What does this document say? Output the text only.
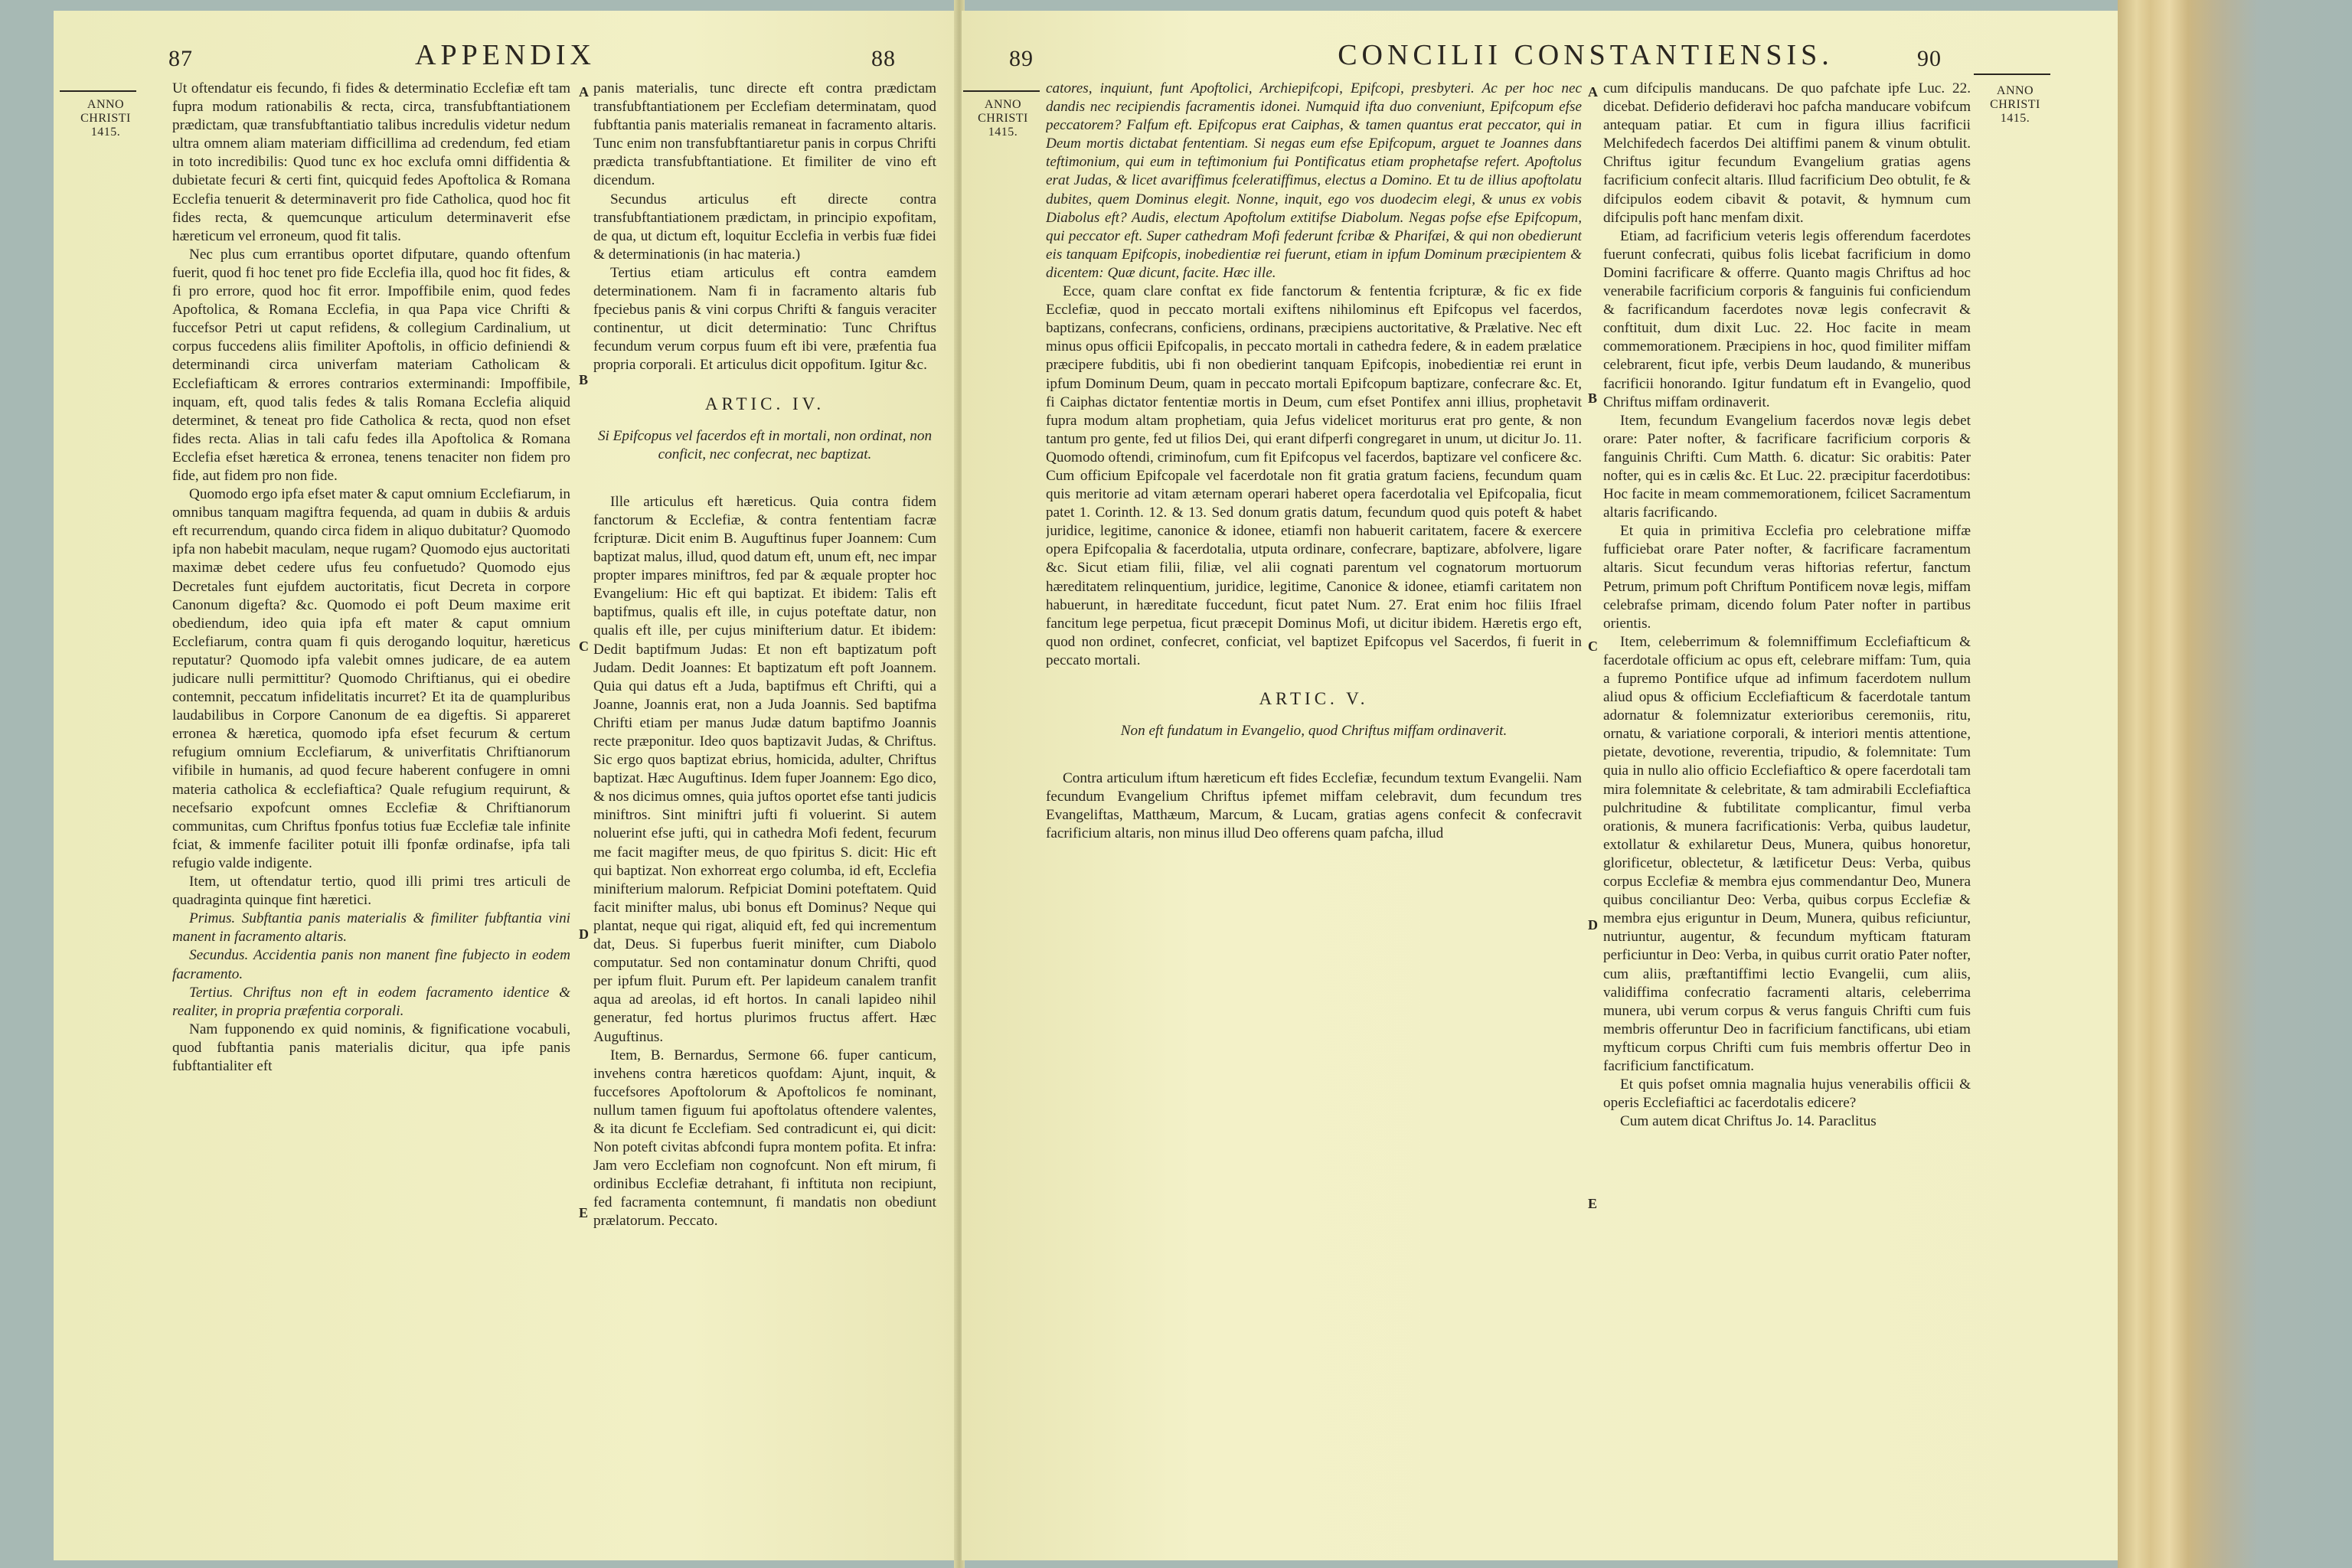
87	APPENDIX	88
ANNO
CHRISTI
1415.

Ut oftendatur eis fecundo, fi fides & determinatio Ecclefiæ eft tam fupra modum rationabilis & recta, circa, transfubftantiationem prædictam, quæ transfubftantiatio talibus incredulis videtur nedum ultra omnem aliam materiam difficillima ad credendum, fed etiam in toto incredibilis: Quod tunc ex hoc exclufa omni diffidentia & dubietate fecuri & certi fint, quicquid fedes Apoftolica & Romana Ecclefia tenuerit & determinaverit pro fide Catholica, quod hoc fit fides recta, & quemcunque articulum determinaverit efse hæreticum vel erroneum, quod fit talis.

Nec plus cum errantibus oportet difputare, quando oftenfum fuerit, quod fi hoc tenet pro fide Ecclefia illa, quod hoc fit fides, & fi pro errore, quod hoc fit error. Impoffibile enim, quod fedes Apoftolica, & Romana Ecclefia, in qua Papa vice Chrifti & fuccefsor Petri ut caput refidens, & collegium Cardinalium, ut corpus fuccedens aliis fimiliter Apoftolis, in officio definiendi & determinandi circa univerfam materiam Catholicam & Ecclefiafticam & errores contrarios exterminandi: Impoffibile, inquam, eft, quod talis fedes & talis Romana Ecclefia aliquid determinet, & teneat pro fide Catholica & recta, quod non efset fides recta. Alias in tali cafu fedes illa Apoftolica & Romana Ecclefia efset hæretica & erronea, tenens tenaciter non fidem pro fide, aut fidem pro non fide.

Quomodo ergo ipfa efset mater & caput omnium Ecclefiarum, in omnibus tanquam magiftra fequenda, ad quam in dubiis & arduis eft recurrendum, quando circa fidem in aliquo dubitatur? Quomodo ipfa non habebit maculam, neque rugam? Quomodo ejus auctoritati maximæ debet cedere ufus feu confuetudo? Quomodo ejus Decretales funt ejufdem auctoritatis, ficut Decreta in corpore Canonum digefta? &c. Quomodo ei poft Deum maxime erit obediendum, ideo quia ipfa eft mater & caput omnium Ecclefiarum, contra quam fi quis derogando loquitur, hæreticus reputatur? Quomodo ipfa valebit omnes judicare, de ea autem judicare nulli permittitur? Quomodo Chriftianus, qui ei obedire contemnit, peccatum infidelitatis incurret? Et ita de quampluribus laudabilibus in Corpore Canonum de ea digeftis. Si appareret erronea & hæretica, quomodo ipfa efset fecurum & certum refugium omnium Ecclefiarum, & univerfitatis Chriftianorum vifibile in humanis, ad quod fecure haberent confugere in omni materia catholica & ecclefiaftica? Quale refugium requirunt, & necefsario expofcunt omnes Ecclefiæ & Chriftianorum communitas, cum Chriftus fponfus totius fuæ Ecclefiæ tale infinite fciat, & immenfe faciliter potuit illi fponfæ ordinafse, ipfa tali refugio valde indigente.

Item, ut oftendatur tertio, quod illi primi tres articuli de quadraginta quinque fint hæretici.

Primus. Subftantia panis materialis & fimiliter fubftantia vini manent in facramento altaris.

Secundus. Accidentia panis non manent fine fubjecto in eodem facramento.

Tertius. Chriftus non eft in eodem facramento identice & realiter, in propria præfentia corporali.

Nam fupponendo ex quid nominis, & fignificatione vocabuli, quod fubftantia panis materialis dicitur, qua ipfe panis fubftantialiter eft

panis materialis, tunc directe eft contra prædictam transfubftantiationem per Ecclefiam determinatam, quod fubftantia panis materialis remaneat in facramento altaris. Tunc enim non transfubftantiaretur panis in corpus Chrifti prædicta transfubftantiatione. Et fimiliter de vino eft dicendum.

Secundus articulus eft directe contra transfubftantiationem prædictam, in principio expofitam, de qua, ut dictum eft, loquitur Ecclefia in verbis fuæ fidei & determinationis (in hac materia.)

Tertius etiam articulus eft contra eamdem determinationem. Nam fi in facramento altaris fub fpeciebus panis & vini corpus Chrifti & fanguis veraciter continentur, ut dicit determinatio: Tunc Chriftus fecundum verum corpus fuum eft ibi vere, præfentia fua propria corporali. Et articulus dicit oppofitum. Igitur &c.

ARTIC. IV.

Si Epifcopus vel facerdos eft in mortali, non ordinat, non conficit, nec confecrat, nec baptizat.

Ille articulus eft hæreticus. Quia contra fidem fanctorum & Ecclefiæ, & contra fententiam facræ fcripturæ. Dicit enim B. Auguftinus fuper Joannem: Cum baptizat malus, illud, quod datum eft, unum eft, nec impar propter impares miniftros, fed par & æquale propter hoc Evangelium: Hic eft qui baptizat. Et ibidem: Talis eft baptifmus, qualis eft ille, in cujus poteftate datur, non qualis eft ille, per cujus minifterium datur. Et ibidem: Dedit baptifmum Judas: Et non eft baptizatum poft Judam. Dedit Joannes: Et baptizatum eft poft Joannem. Quia qui datus eft a Juda, baptifmus eft Chrifti, qui a Joanne, Joannis erat, non a Juda Joannis. Sed baptifma Chrifti etiam per manus Judæ datum baptifmo Joannis recte præponitur. Ideo quos baptizavit Judas, & Chriftus. Sic ergo quos baptizat ebrius, homicida, adulter, Chriftus baptizat. Hæc Auguftinus. Idem fuper Joannem: Ego dico, & nos dicimus omnes, quia juftos oportet efse tanti judicis miniftros. Sint miniftri jufti fi voluerint. Si autem noluerint efse jufti, qui in cathedra Mofi fedent, fecurum me facit magifter meus, de quo fpiritus S. dicit: Hic eft qui baptizat. Non exhorreat ergo columba, id eft, Ecclefia minifterium malorum. Refpiciat Domini poteftatem. Quid facit minifter malus, ubi bonus eft Dominus? Neque qui plantat, neque qui rigat, aliquid eft, fed qui incrementum dat, Deus. Si fuperbus fuerit minifter, cum Diabolo computatur. Sed non contaminatur donum Chrifti, quod per ipfum fluit. Purum eft. Per lapideum canalem tranfit aqua ad areolas, id eft hortos. In canali lapideo nihil generatur, fed hortus plurimos fructus affert. Hæc Auguftinus.

Item, B. Bernardus, Sermone 66. fuper canticum, invehens contra hæreticos quofdam: Ajunt, inquit, & fuccefsores Apoftolorum & Apoftolicos fe nominant, nullum tamen figuum fui apoftolatus oftendere valentes, & ita dicunt fe Ecclefiam. Sed contradicunt ei, qui dicit: Non poteft civitas abfcondi fupra montem pofita. Et infra: Jam vero Ecclefiam non cognofcunt. Non eft mirum, fi ordinibus Ecclefiæ detrahant, fi inftituta non recipiunt, fed facramenta contemnunt, fi mandatis non obediunt prælatorum. Peccato.

A
B
C
D
E
89	CONCILII CONSTANTIENSIS.	90
ANNO
CHRISTI
1415.
ANNO
CHRISTI
1415.

catores, inquiunt, funt Apoftolici, Archiepifcopi, Epifcopi, presbyteri. Ac per hoc nec dandis nec recipiendis facramentis idonei. Numquid ifta duo conveniunt, Epifcopum efse peccatorem? Falfum eft. Epifcopus erat Caiphas, & tamen quantus erat peccator, qui in Deum mortis dictabat fententiam. Si negas eum efse Epifcopum, arguet te Joannes dans teftimonium, qui eum in teftimonium fui Pontificatus etiam prophetafse refert. Apoftolus erat Judas, & licet avariffimus fceleratiffimus, electus a Domino. Et tu de illius apoftolatu dubites, quem Dominus elegit. Nonne, inquit, ego vos duodecim elegi, & unus ex vobis Diabolus eft? Audis, electum Apoftolum extitifse Diabolum. Negas pofse efse Epifcopum, qui peccator eft. Super cathedram Mofi federunt fcribæ & Pharifæi, & qui non obedierunt eis tanquam Epifcopis, inobedientiæ rei fuerunt, etiam in ipfum Dominum præcipientem & dicentem: Quæ dicunt, facite. Hæc ille.

Ecce, quam clare conftat ex fide fanctorum & fententia fcripturæ, & fic ex fide Ecclefiæ, quod in peccato mortali exiftens nihilominus eft Epifcopus vel facerdos, baptizans, confecrans, conficiens, ordinans, præcipiens auctoritative, & Prælative. Nec eft minus opus officii Epifcopalis, in peccato mortali in cathedra federe, & in eadem prælatice præcipere fubditis, ubi fi non obedierint tanquam Epifcopis, inobedientiæ rei erunt in ipfum Dominum Deum, quam in peccato mortali Epifcopum baptizare, confecrare &c. Et, fi Caiphas dictator fententiæ mortis in Deum, cum efset Pontifex anni illius, prophetavit fupra modum altam prophetiam, quia Jefus videlicet moriturus erat pro gente, & non tantum pro gente, fed ut filios Dei, qui erant difperfi congregaret in unum, ut dicitur Jo. 11. Quomodo oftendi, criminofum, cum fit Epifcopus vel facerdos, baptizare vel conficere &c. Cum officium Epifcopale vel facerdotale non fit gratia gratum faciens, fecundum quam quis meritorie ad vitam æternam operari haberet opera facerdotalia vel Epifcopalia, ficut patet 1. Corinth. 12. & 13. Sed donum gratis datum, fecundum quod quis poteft & habet juridice, legitime, canonice & idonee, etiamfi non habuerit caritatem, facere & exercere opera Epifcopalia & facerdotalia, utputa ordinare, confecrare, baptizare, abfolvere, ligare &c. Sicut etiam filii, filiæ, vel alii cognati parentum vel cognatorum mortuorum hæreditatem relinquentium, juridice, legitime, Canonice & idonee, etiamfi caritatem non habuerunt, in hæreditate fuccedunt, ficut patet Num. 27. Erat enim hoc filiis Ifrael fancitum lege perpetua, ficut præcepit Dominus Mofi, ut dicitur ibidem. Hæretis ergo eft, quod non ordinet, confecret, conficiat, vel baptizet Epifcopus vel Sacerdos, fi fuerit in peccato mortali.

ARTIC. V.

Non eft fundatum in Evangelio, quod Chriftus miffam ordinaverit.

Contra articulum iftum hæreticum eft fides Ecclefiæ, fecundum textum Evangelii. Nam fecundum Evangelium Chriftus ipfemet miffam celebravit, dum fecundum tres Evangeliftas, Matthæum, Marcum, & Lucam, gratias agens confecit & confecravit facrificium altaris, non minus illud Deo offerens quam pafcha, illud

cum difcipulis manducans. De quo pafchate ipfe Luc. 22. dicebat. Defiderio defideravi hoc pafcha manducare vobifcum antequam patiar. Et cum in figura illius facrificii Melchifedech facerdos Dei altiffimi panem & vinum obtulit. Chriftus igitur fecundum Evangelium gratias agens facrificium confecit altaris. Illud facrificium Deo obtulit, fe & difcipulos eodem cibavit & potavit, & hymnum cum difcipulis poft hanc menfam dixit.

Etiam, ad facrificium veteris legis offerendum facerdotes fuerunt confecrati, quibus folis licebat facrificium in domo Domini facrificare & offerre. Quanto magis Chriftus ad hoc venerabile facrificium corporis & fanguinis fui conficiendum & facrificandum facerdotes novæ legis confecravit & conftituit, dum dixit Luc. 22. Hoc facite in meam commemorationem. Præcipiens in hoc, quod fimiliter miffam celebrarent, ficut ipfe, verbis Deum laudando, & muneribus facrificii honorando. Igitur fundatum eft in Evangelio, quod Chriftus miffam ordinaverit.

Item, fecundum Evangelium facerdos novæ legis debet orare: Pater nofter, & facrificare facrificium corporis & fanguinis Chrifti. Cum Matth. 6. dicatur: Sic orabitis: Pater nofter, qui es in cælis &c. Et Luc. 22. præcipitur facerdotibus: Hoc facite in meam commemorationem, fcilicet Sacramentum altaris facrificando.

Et quia in primitiva Ecclefia pro celebratione miffæ fufficiebat orare Pater nofter, & facrificare facramentum altaris. Sicut fecundum veras hiftorias refertur, fanctum Petrum, primum poft Chriftum Pontificem novæ legis, miffam celebrafse primam, dicendo folum Pater nofter in partibus orientis.

Item, celeberrimum & folemniffimum Ecclefiafticum & facerdotale officium ac opus eft, celebrare miffam: Tum, quia a fupremo Pontifice ufque ad infimum facerdotem nullum aliud opus & officium Ecclefiafticum & facerdotale tantum adornatur & folemnizatur exterioribus ceremoniis, ritu, ornatu, & variatione corporali, & interiori mentis attentione, pietate, devotione, reverentia, tripudio, & folemnitate: Tum quia in nullo alio officio Ecclefiaftico & opere facerdotali tam mira folemnitate & celebritate, & tam admirabili Ecclefiaftica pulchritudine & fubtilitate complicantur, fimul verba orationis, & munera facrificationis: Verba, quibus laudetur, extollatur & exhilaretur Deus, Munera, quibus honoretur, glorificetur, oblectetur, & lætificetur Deus: Verba, quibus corpus Ecclefiæ & membra ejus commendantur Deo, Munera quibus conciliantur Deo: Verba, quibus corpus Ecclefiæ & membra ejus eriguntur in Deum, Munera, quibus reficiuntur, nutriuntur, augentur, & fecundum myfticam ftaturam perficiuntur in Deo: Verba, in quibus currit oratio Pater nofter, cum aliis, præftantiffimi lectio Evangelii, cum aliis, validiffima confecratio facramenti altaris, celeberrima munera, ubi verum corpus & verus fanguis Chrifti cum fuis membris offeruntur Deo in facrificium fanctificans, ubi etiam myfticum corpus Chrifti cum fuis membris offertur Deo in facrificium fanctificatum.

Et quis pofset omnia magnalia hujus venerabilis officii & operis Ecclefiaftici ac facerdotalis edicere?

Cum autem dicat Chriftus Jo. 14. Paraclitus

A
B
C
D
E
